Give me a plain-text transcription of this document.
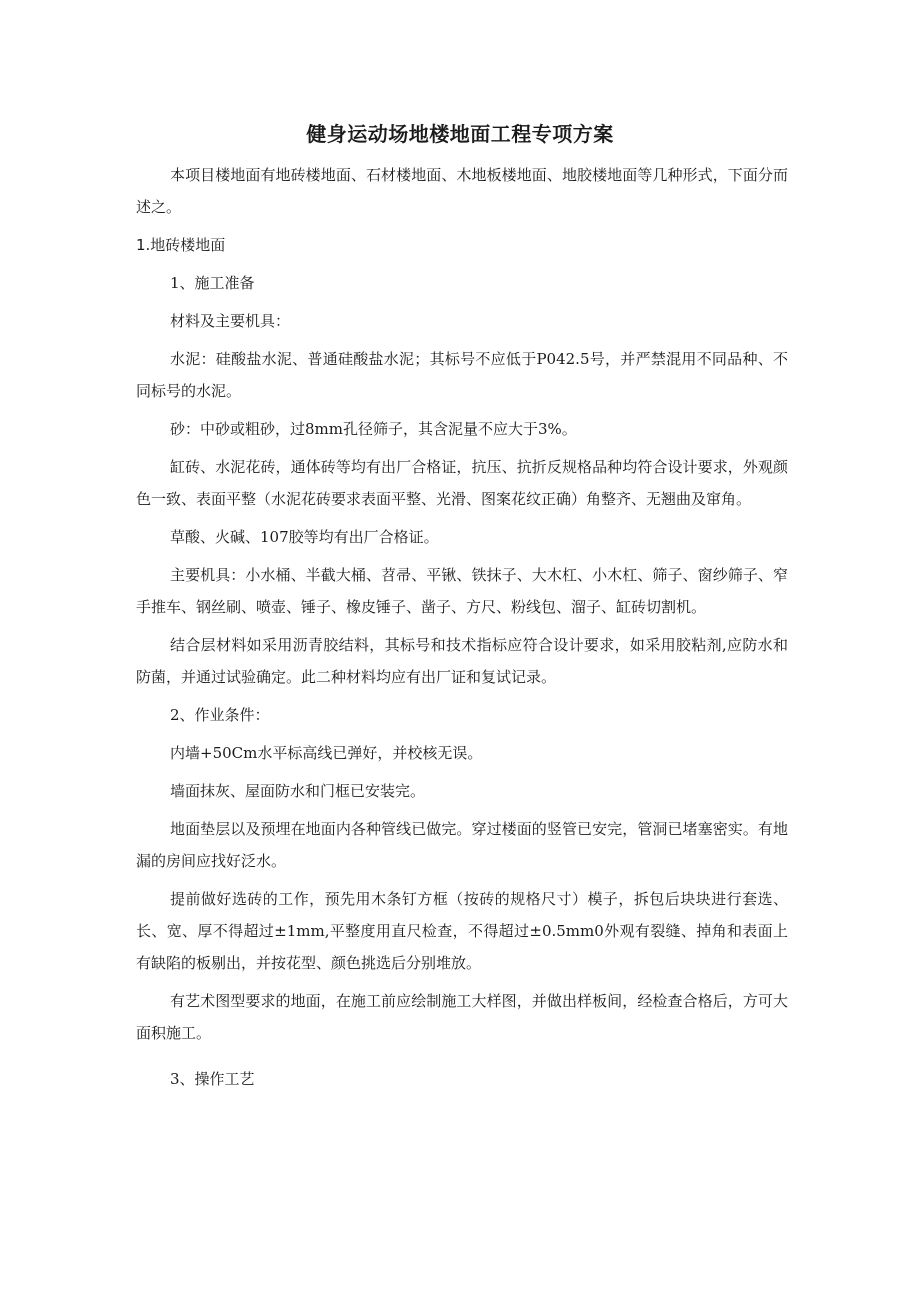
健身运动场地楼地面工程专项方案

本项目楼地面有地砖楼地面、石材楼地面、木地板楼地面、地胶楼地面等几种形式，下面分而述之。

1.地砖楼地面

1、施工准备

材料及主要机具：

水泥：硅酸盐水泥、普通硅酸盐水泥；其标号不应低于P042.5号，并严禁混用不同品种、不同标号的水泥。

砂：中砂或粗砂，过8mm孔径筛子，其含泥量不应大于3%。

缸砖、水泥花砖，通体砖等均有出厂合格证，抗压、抗折反规格品种均符合设计要求，外观颜色一致、表面平整（水泥花砖要求表面平整、光滑、图案花纹正确）角整齐、无翘曲及窜角。

草酸、火碱、107胶等均有出厂合格证。

主要机具：小水桶、半截大桶、苕帚、平锹、铁抹子、大木杠、小木杠、筛子、窗纱筛子、窄手推车、钢丝刷、喷壶、锤子、橡皮锤子、凿子、方尺、粉线包、溜子、缸砖切割机。

结合层材料如采用沥青胶结料，其标号和技术指标应符合设计要求，如采用胶粘剂,应防水和防菌，并通过试验确定。此二种材料均应有出厂证和复试记录。

2、作业条件：

内墙+50Cm水平标高线已弹好，并校核无误。

墙面抹灰、屋面防水和门框已安装完。

地面垫层以及预埋在地面内各种管线已做完。穿过楼面的竖管已安完，管洞已堵塞密实。有地漏的房间应找好泛水。

提前做好选砖的工作，预先用木条钉方框（按砖的规格尺寸）模子，拆包后块块进行套选、长、宽、厚不得超过±1mm,平整度用直尺检查，不得超过±0.5mm0外观有裂缝、掉角和表面上有缺陷的板剔出，并按花型、颜色挑选后分别堆放。

有艺术图型要求的地面，在施工前应绘制施工大样图，并做出样板间，经检查合格后，方可大面积施工。

3、操作工艺
